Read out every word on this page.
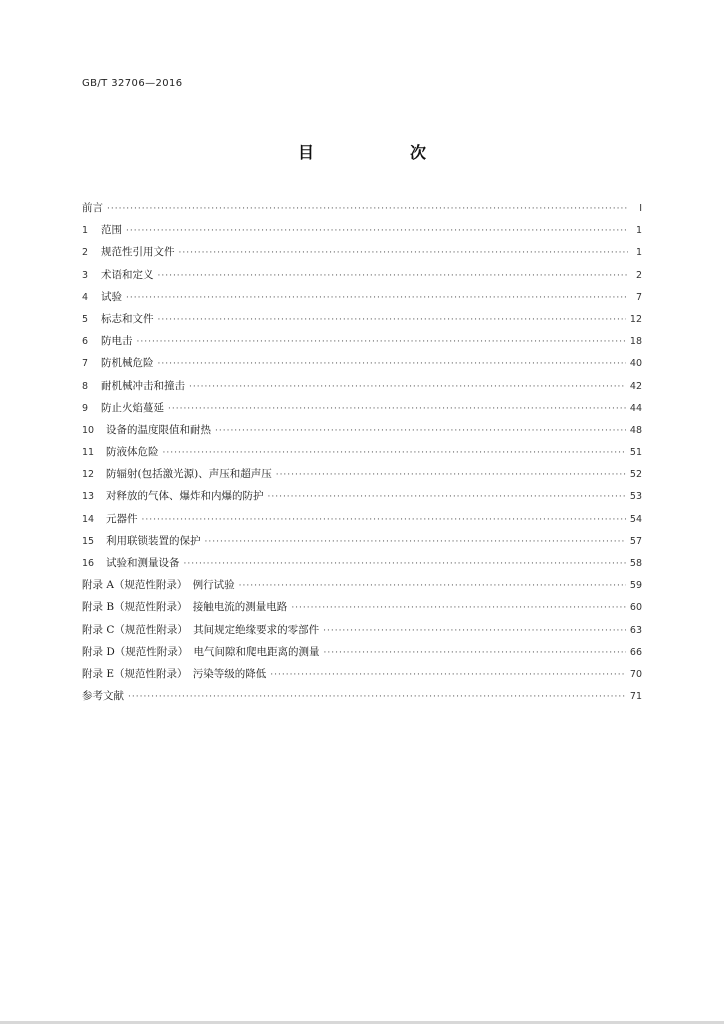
GB/T 32706—2016
目　次
前言 ·····	Ⅰ
1	范围 ·····	1
2	规范性引用文件 ·····	1
3	术语和定义 ·····	2
4	试验 ·····	7
5	标志和文件 ·····	12
6	防电击 ·····	18
7	防机械危险 ·····	40
8	耐机械冲击和撞击 ·····	42
9	防止火焰蔓延 ·····	44
10	设备的温度限值和耐热 ·····	48
11	防液体危险 ·····	51
12	防辐射(包括激光源)、声压和超声压 ·····	52
13	对释放的气体、爆炸和内爆的防护 ·····	53
14	元器件 ·····	54
15	利用联锁装置的保护 ·····	57
16	试验和测量设备 ·····	58
附录 A（规范性附录）　例行试验 ·····	59
附录 B（规范性附录）　接触电流的测量电路 ·····	60
附录 C（规范性附录）　其间规定绝缘要求的零部件 ·····	63
附录 D（规范性附录）　电气间隙和爬电距离的测量 ·····	66
附录 E（规范性附录）　污染等级的降低 ·····	70
参考文献 ·····	71
